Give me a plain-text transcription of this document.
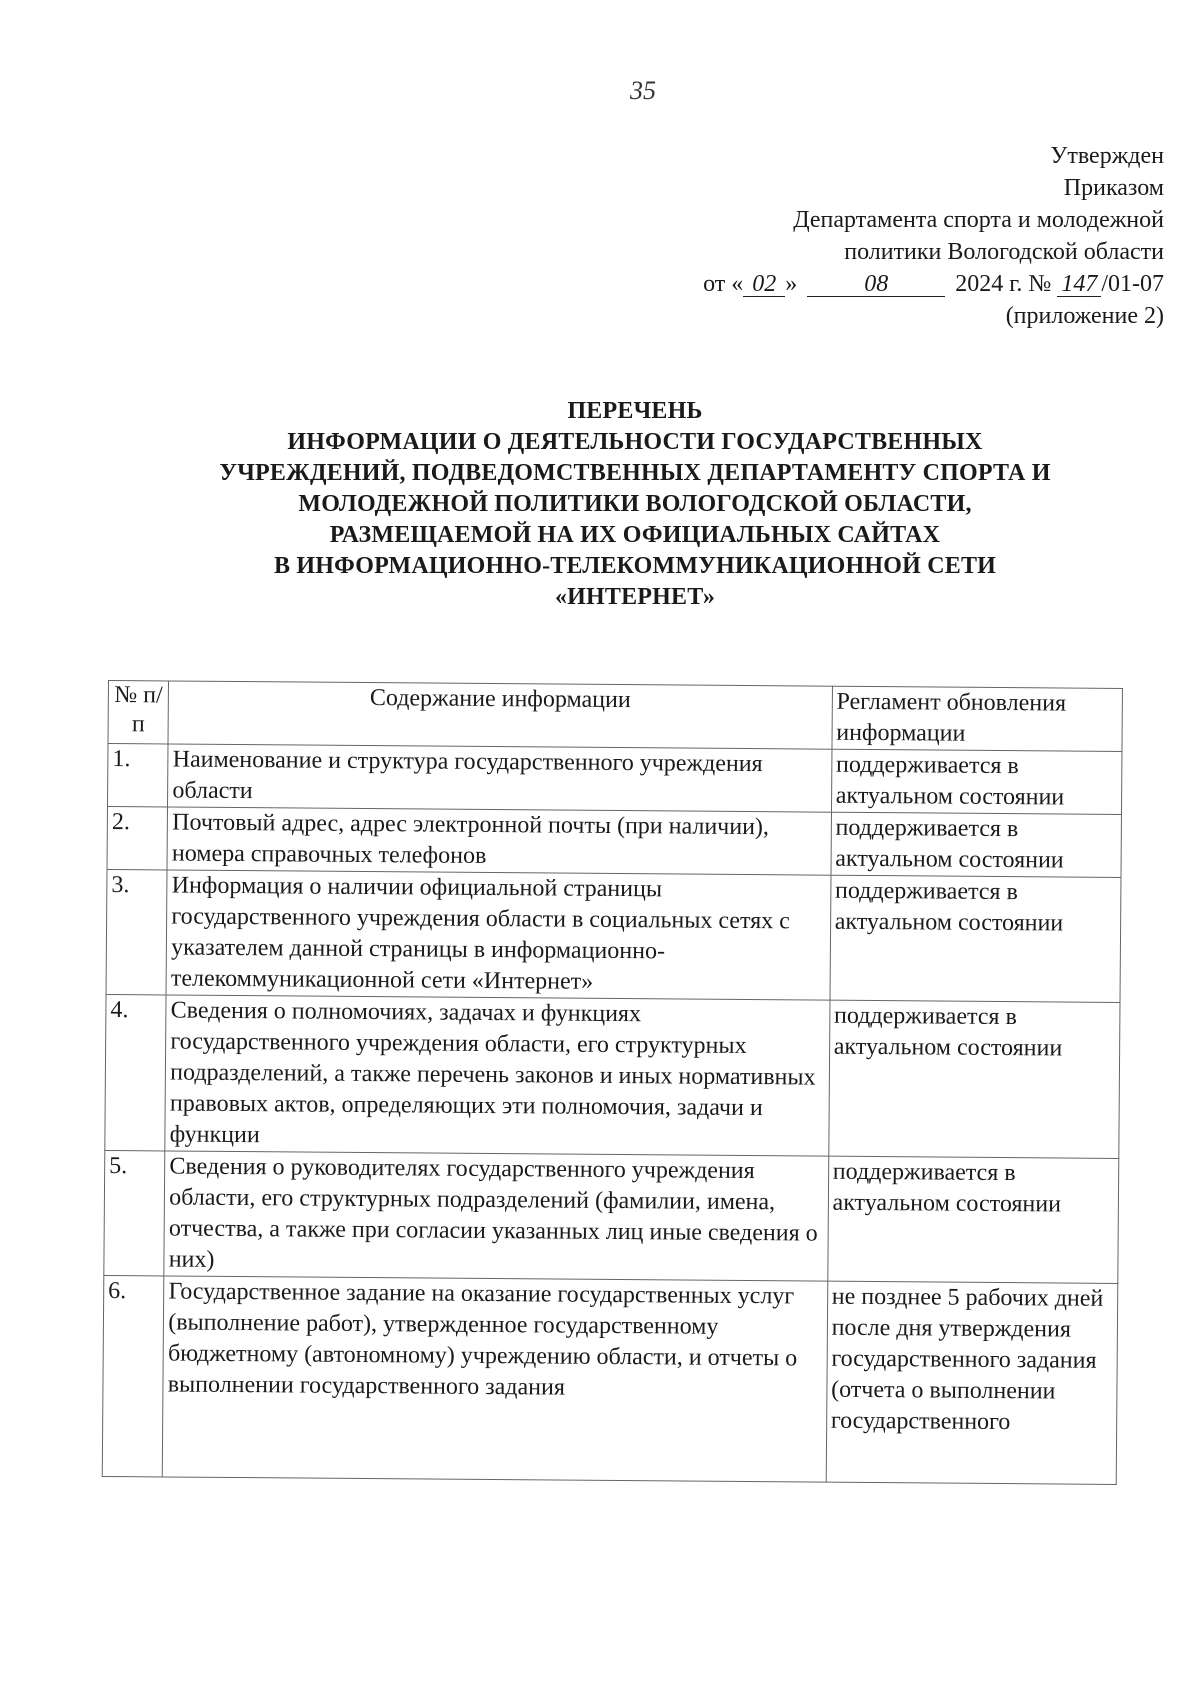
35
Утвержден
Приказом
Департамента спорта и молодежной
политики Вологодской области
от « 02 »	08	2024 г. № 147 /01-07
(приложение 2)
ПЕРЕЧЕНЬ
ИНФОРМАЦИИ О ДЕЯТЕЛЬНОСТИ ГОСУДАРСТВЕННЫХ
УЧРЕЖДЕНИЙ, ПОДВЕДОМСТВЕННЫХ ДЕПАРТАМЕНТУ СПОРТА И
МОЛОДЕЖНОЙ ПОЛИТИКИ ВОЛОГОДСКОЙ ОБЛАСТИ,
РАЗМЕЩАЕМОЙ НА ИХ ОФИЦИАЛЬНЫХ САЙТАХ
В ИНФОРМАЦИОННО-ТЕЛЕКОММУНИКАЦИОННОЙ СЕТИ
«ИНТЕРНЕТ»
№ п/п	Содержание информации	Регламент обновления информации
1.	Наименование и структура государственного учреждения области	поддерживается в актуальном состоянии
2.	Почтовый адрес, адрес электронной почты (при наличии), номера справочных телефонов	поддерживается в актуальном состоянии
3.	Информация о наличии официальной страницы государственного учреждения области в социальных сетях с указателем данной страницы в информационно-телекоммуникационной сети «Интернет»	поддерживается в актуальном состоянии
4.	Сведения о полномочиях, задачах и функциях государственного учреждения области, его структурных подразделений, а также перечень законов и иных нормативных правовых актов, определяющих эти полномочия, задачи и функции	поддерживается в актуальном состоянии
5.	Сведения о руководителях государственного учреждения области, его структурных подразделений (фамилии, имена, отчества, а также при согласии указанных лиц иные сведения о них)	поддерживается в актуальном состоянии
6.	Государственное задание на оказание государственных услуг (выполнение работ), утвержденное государственному бюджетному (автономному) учреждению области, и отчеты о выполнении государственного задания	не позднее 5 рабочих дней после дня утверждения государственного задания (отчета о выполнении государственного
